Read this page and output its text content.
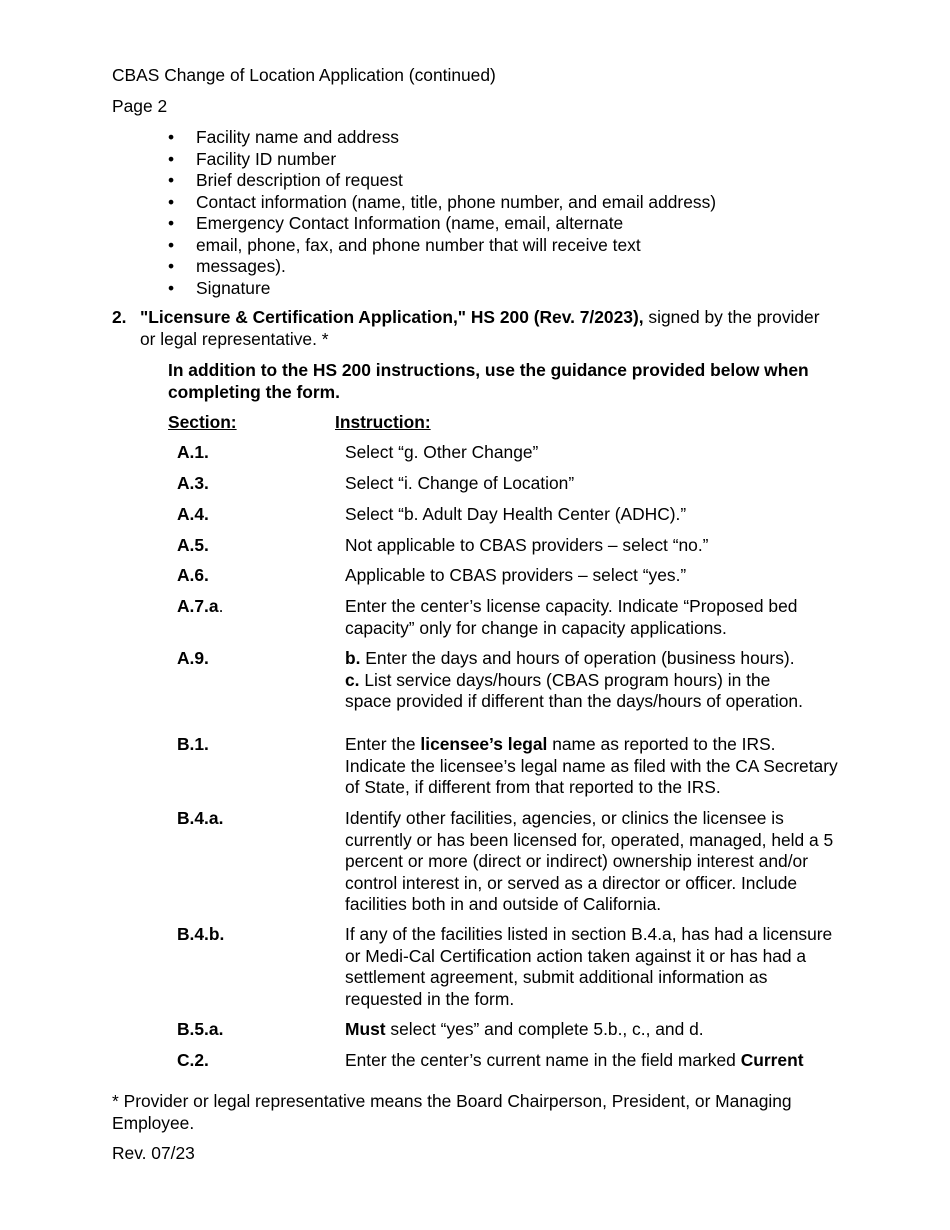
CBAS Change of Location Application (continued)
Page 2
• Facility name and address
• Facility ID number
• Brief description of request
• Contact information (name, title, phone number, and email address)
• Emergency Contact Information (name, email, alternate
• email, phone, fax, and phone number that will receive text
• messages).
• Signature
2. "Licensure & Certification Application," HS 200 (Rev. 7/2023), signed by the provider or legal representative. *
In addition to the HS 200 instructions, use the guidance provided below when completing the form.
Section:	Instruction:
A.1.	Select “g. Other Change”
A.3.	Select “i. Change of Location”
A.4.	Select “b. Adult Day Health Center (ADHC).”
A.5.	Not applicable to CBAS providers – select “no.”
A.6.	Applicable to CBAS providers – select “yes.”
A.7.a.	Enter the center’s license capacity. Indicate “Proposed bed capacity” only for change in capacity applications.
A.9.	b. Enter the days and hours of operation (business hours).
c. List service days/hours (CBAS program hours) in the space provided if different than the days/hours of operation.
B.1.	Enter the licensee’s legal name as reported to the IRS. Indicate the licensee’s legal name as filed with the CA Secretary of State, if different from that reported to the IRS.
B.4.a.	Identify other facilities, agencies, or clinics the licensee is currently or has been licensed for, operated, managed, held a 5 percent or more (direct or indirect) ownership interest and/or control interest in, or served as a director or officer. Include facilities both in and outside of California.
B.4.b.	If any of the facilities listed in section B.4.a, has had a licensure or Medi-Cal Certification action taken against it or has had a settlement agreement, submit additional information as requested in the form.
B.5.a.	Must select “yes” and complete 5.b., c., and d.
C.2.	Enter the center’s current name in the field marked Current
* Provider or legal representative means the Board Chairperson, President, or Managing Employee.
Rev. 07/23
